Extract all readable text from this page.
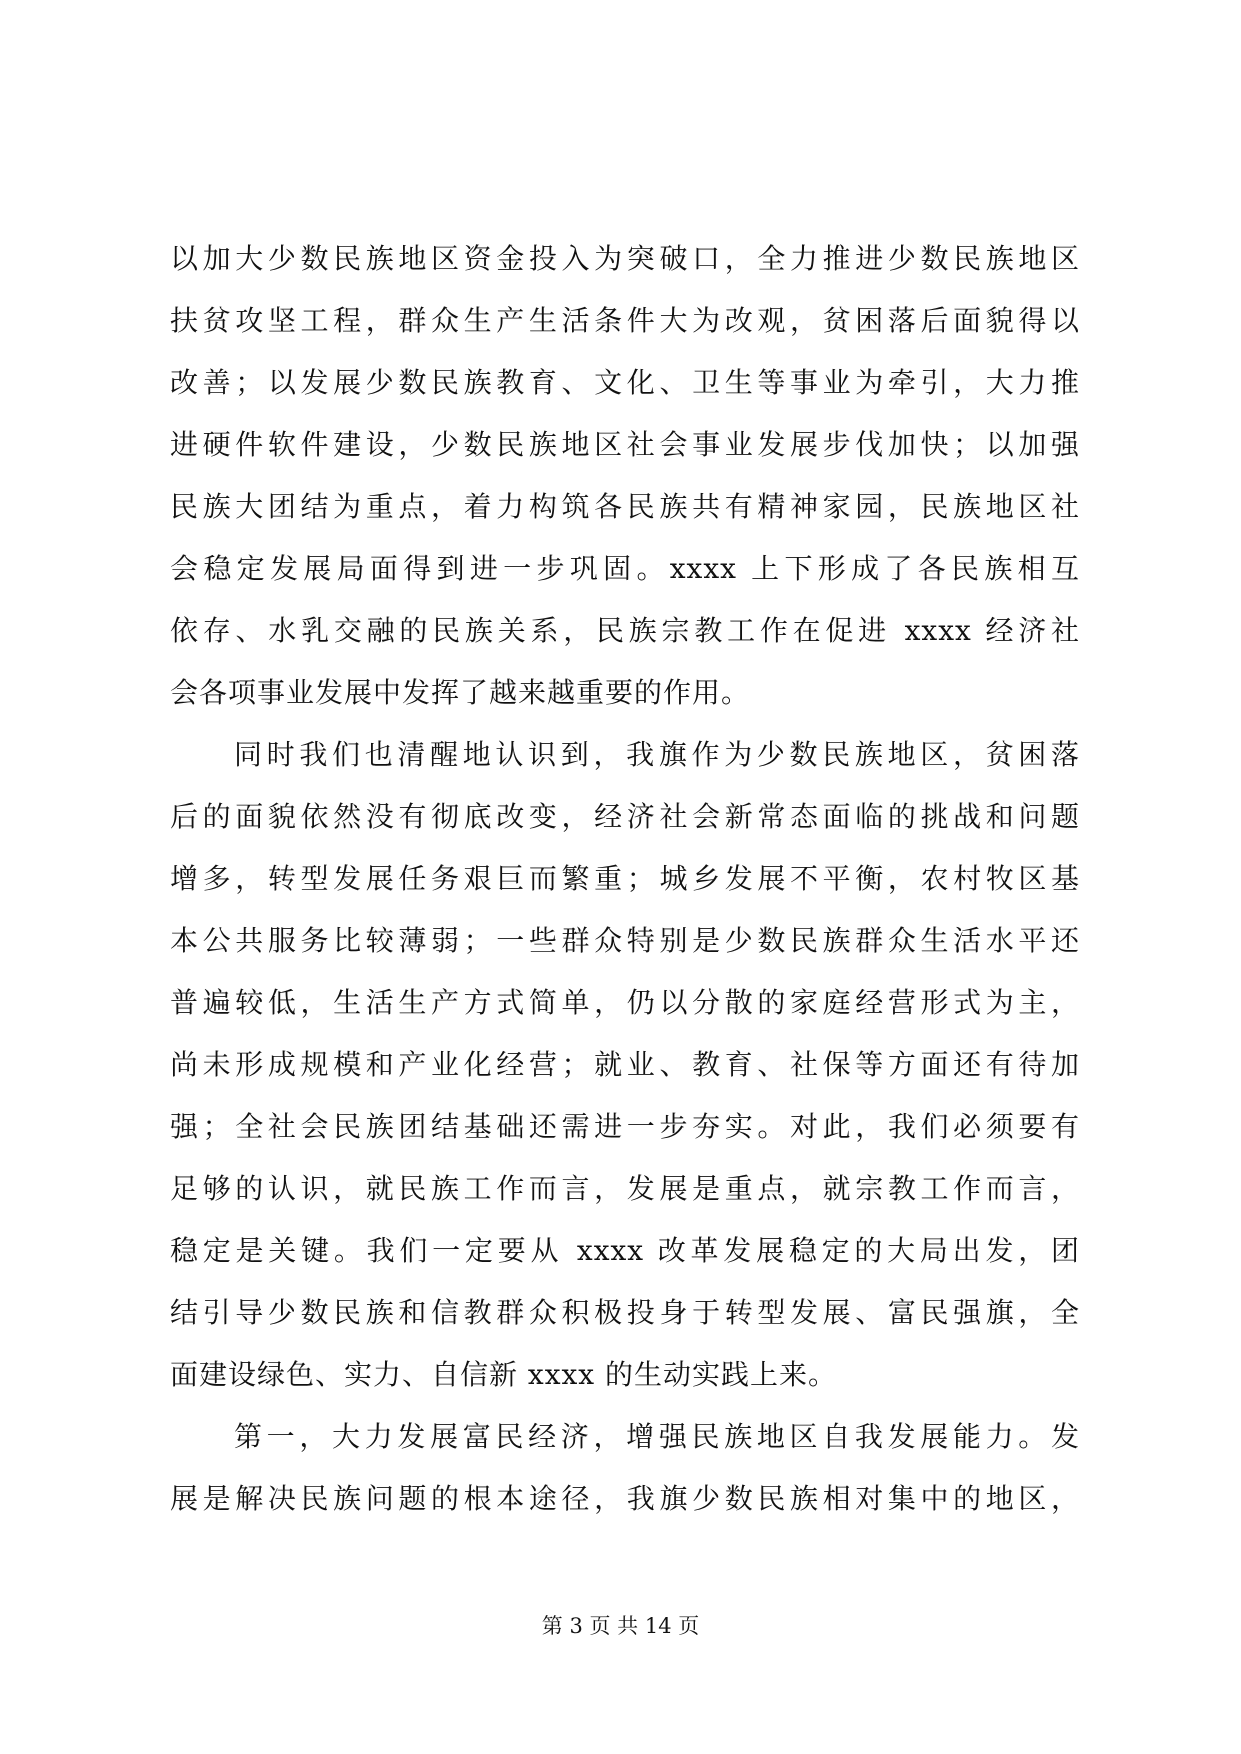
以加大少数民族地区资金投入为突破口，全力推进少数民族地区
扶贫攻坚工程，群众生产生活条件大为改观，贫困落后面貌得以
改善；以发展少数民族教育、文化、卫生等事业为牵引，大力推
进硬件软件建设，少数民族地区社会事业发展步伐加快；以加强
民族大团结为重点，着力构筑各民族共有精神家园，民族地区社
会稳定发展局面得到进一步巩固。xxxx 上下形成了各民族相互
依存、水乳交融的民族关系，民族宗教工作在促进 xxxx 经济社
会各项事业发展中发挥了越来越重要的作用。
同时我们也清醒地认识到，我旗作为少数民族地区，贫困落
后的面貌依然没有彻底改变，经济社会新常态面临的挑战和问题
增多，转型发展任务艰巨而繁重；城乡发展不平衡，农村牧区基
本公共服务比较薄弱；一些群众特别是少数民族群众生活水平还
普遍较低，生活生产方式简单，仍以分散的家庭经营形式为主，
尚未形成规模和产业化经营；就业、教育、社保等方面还有待加
强；全社会民族团结基础还需进一步夯实。对此，我们必须要有
足够的认识，就民族工作而言，发展是重点，就宗教工作而言，
稳定是关键。我们一定要从 xxxx 改革发展稳定的大局出发，团
结引导少数民族和信教群众积极投身于转型发展、富民强旗，全
面建设绿色、实力、自信新 xxxx 的生动实践上来。
第一，大力发展富民经济，增强民族地区自我发展能力。发
展是解决民族问题的根本途径，我旗少数民族相对集中的地区，
第 3 页 共 14 页
